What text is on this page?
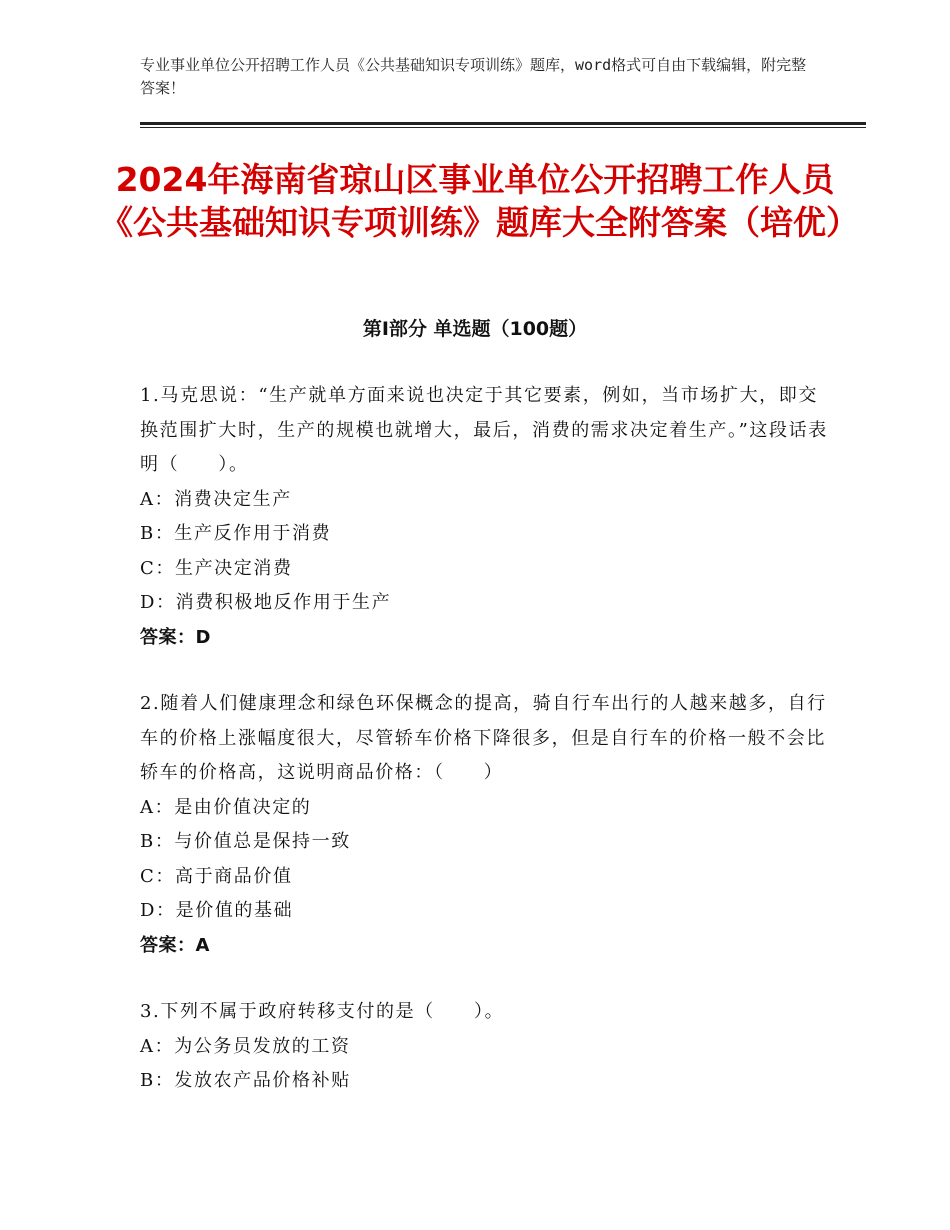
专业事业单位公开招聘工作人员《公共基础知识专项训练》题库，word格式可自由下载编辑，附完整答案！
2024年海南省琼山区事业单位公开招聘工作人员《公共基础知识专项训练》题库大全附答案（培优）
第Ⅰ部分 单选题（100题）
1.马克思说：“生产就单方面来说也决定于其它要素，例如，当市场扩大，即交换范围扩大时，生产的规模也就增大，最后，消费的需求决定着生产。”这段话表明（　　）。
A：消费决定生产
B：生产反作用于消费
C：生产决定消费
D：消费积极地反作用于生产
答案：D
2.随着人们健康理念和绿色环保概念的提高，骑自行车出行的人越来越多，自行车的价格上涨幅度很大，尽管轿车价格下降很多，但是自行车的价格一般不会比轿车的价格高，这说明商品价格：（　　）
A：是由价值决定的
B：与价值总是保持一致
C：高于商品价值
D：是价值的基础
答案：A
3.下列不属于政府转移支付的是（　　）。
A：为公务员发放的工资
B：发放农产品价格补贴
